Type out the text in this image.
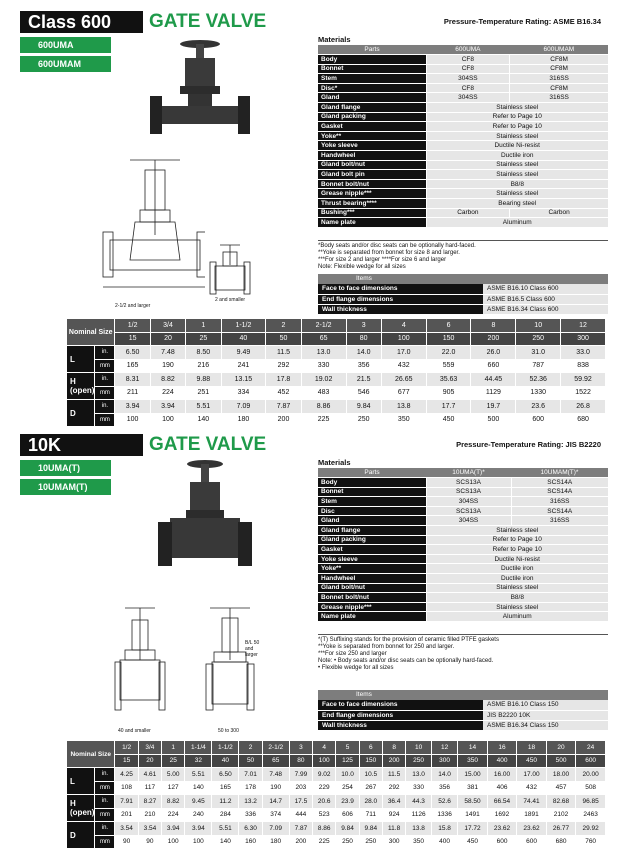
Class 600	GATE VALVE	Pressure-Temperature Rating: ASME B16.34
600UMA
600UMAM
2-1/2 and larger
2 and smaller
Materials
Parts	600UMA	600UMAM
Body	CF8	CF8M
Bonnet	CF8	CF8M
Stem	304SS	316SS
Disc*	CF8	CF8M
Gland	304SS	316SS
Gland flange	Stainless steel	
Gland packing	Refer to Page 10	
Gasket	Refer to Page 10	
Yoke**	Stainless steel	
Yoke sleeve	Ductile Ni-resist	
Handwheel	Ductile iron	
Gland bolt/nut	Stainless steel	
Gland bolt pin	Stainless steel	
Bonnet bolt/nut	B8/8	
Grease nipple***	Stainless steel	
Thrust bearing****	Bearing steel	
Bushing***	Carbon	Carbon
Name plate	Aluminum	
*Body seats and/or disc seats can be optionally hard-faced.
**Yoke is separated from bonnet for size 8 and larger.
***For size 2 and larger ****For size 6 and larger
Note: Flexible wedge for all sizes
Items
Face to face dimensions	ASME B16.10 Class 600
End flange dimensions	ASME B16.5 Class 600
Wall thickness	ASME B16.34 Class 600
Nominal Size		1/2	3/4	1	1-1/2	2	2-1/2	3	4	6	8	10	12
		15	20	25	40	50	65	80	100	150	200	250	300
L	in.	6.50	7.48	8.50	9.49	11.5	13.0	14.0	17.0	22.0	26.0	31.0	33.0
	mm	165	190	216	241	292	330	356	432	559	660	787	838
H (open)	in.	8.31	8.82	9.88	13.15	17.8	19.02	21.5	26.65	35.63	44.45	52.36	59.92
	mm	211	224	251	334	452	483	546	677	905	1129	1330	1522
D	in.	3.94	3.94	5.51	7.09	7.87	8.86	9.84	13.8	17.7	19.7	23.6	26.8
	mm	100	100	140	180	200	225	250	350	450	500	600	680
10K	GATE VALVE	Pressure-Temperature Rating: JIS B2220
10UMA(T)
10UMAM(T)
40 and smaller
B/L 50 and larger
50 to 300
Materials
Parts	10UMA(T)*	10UMAM(T)*
Body	SCS13A	SCS14A
Bonnet	SCS13A	SCS14A
Stem	304SS	316SS
Disc	SCS13A	SCS14A
Gland	304SS	316SS
Gland flange	Stainless steel	
Gland packing	Refer to Page 10	
Gasket	Refer to Page 10	
Yoke sleeve	Ductile Ni-resist	
Yoke**	Ductile iron	
Handwheel	Ductile iron	
Gland bolt/nut	Stainless steel	
Bonnet bolt/nut	B8/8	
Grease nipple***	Stainless steel	
Name plate	Aluminum	
*(T) Suffixing stands for the provision of ceramic filled PTFE gaskets
**Yoke is separated from bonnet for 250 and larger.
***For size 250 and larger
Note: • Body seats and/or disc seats can be optionally hard-faced.
• Flexible wedge for all sizes
Items
Face to face dimensions	ASME B16.10 Class 150
End flange dimensions	JIS B2220 10K
Wall thickness	ASME B16.34 Class 150
Nominal Size		1/2	3/4	1	1-1/4	1-1/2	2	2-1/2	3	4	5	6	8	10	12	14	16	18	20	24
		15	20	25	32	40	50	65	80	100	125	150	200	250	300	350	400	450	500	600
L	in.	4.25	4.61	5.00	5.51	6.50	7.01	7.48	7.99	9.02	10.0	10.5	11.5	13.0	14.0	15.00	16.00	17.00	18.00	20.00
	mm	108	117	127	140	165	178	190	203	229	254	267	292	330	356	381	406	432	457	508
H (open)	in.	7.91	8.27	8.82	9.45	11.2	13.2	14.7	17.5	20.6	23.9	28.0	36.4	44.3	52.6	58.50	66.54	74.41	82.68	96.85
	mm	201	210	224	240	284	336	374	444	523	606	711	924	1126	1336	1491	1692	1891	2102	2463
D	in.	3.54	3.54	3.94	3.94	5.51	6.30	7.09	7.87	8.86	9.84	9.84	11.8	13.8	15.8	17.72	23.62	23.62	26.77	29.92
	mm	90	90	100	100	140	160	180	200	225	250	250	300	350	400	450	600	600	680	760
